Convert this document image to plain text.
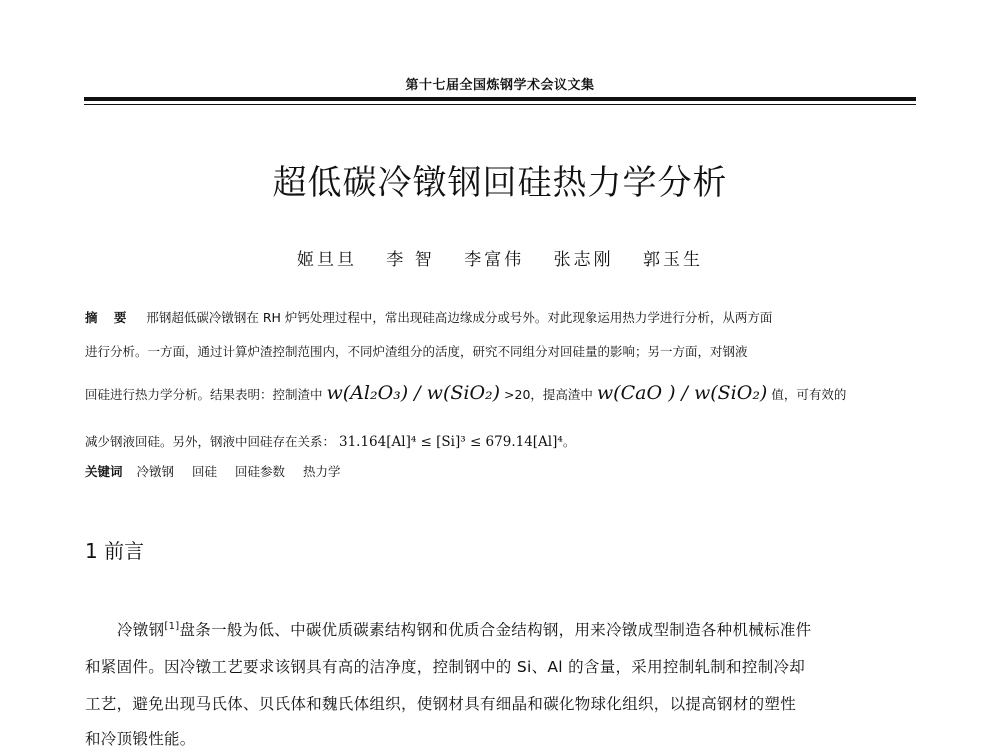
第十七届全国炼钢学术会议文集
超低碳冷镦钢回硅热力学分析
姬旦旦 李 智 李富伟 张志刚 郭玉生
摘 要 邢钢超低碳冷镦钢在 RH 炉钙处理过程中，常出现硅高边缘成分或号外。对此现象运用热力学进行分析，从两方面
进行分析。一方面，通过计算炉渣控制范围内，不同炉渣组分的活度，研究不同组分对回硅量的影响；另一方面，对钢液
回硅进行热力学分析。结果表明：控制渣中 w(Al₂O₃) / w(SiO₂) >20，提高渣中 w(CaO ) / w(SiO₂) 值，可有效的
减少钢液回硅。另外，钢液中回硅存在关系： 31.164[Al]⁴ ≤ [Si]³ ≤ 679.14[Al]⁴。
关键词 冷镦钢 回硅 回硅参数 热力学
1 前言
冷镦钢[1]盘条一般为低、中碳优质碳素结构钢和优质合金结构钢，用来冷镦成型制造各种机械标准件
和紧固件。因冷镦工艺要求该钢具有高的洁净度，控制钢中的 Si、Al 的含量，采用控制轧制和控制冷却
工艺，避免出现马氏体、贝氏体和魏氏体组织，使钢材具有细晶和碳化物球化组织，以提高钢材的塑性
和冷顶锻性能。
